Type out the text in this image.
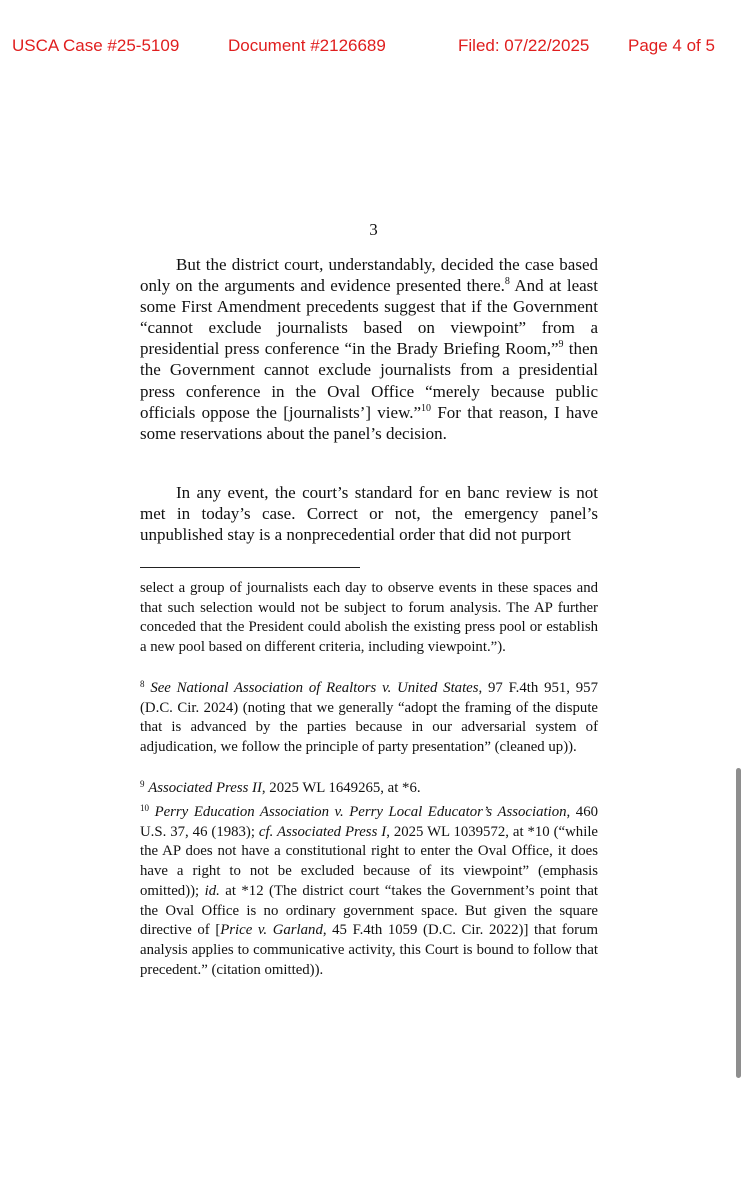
USCA Case #25-5109	Document #2126689	Filed: 07/22/2025 Page 4 of 5
3

But the district court, understandably, decided the case based only on the arguments and evidence presented there.$^8$ And at least some First Amendment precedents suggest that if the Government “cannot exclude journalists based on viewpoint” from a presidential press conference “in the Brady Briefing Room,”$^9$ then the Government cannot exclude journalists from a presidential press conference in the Oval Office “merely because public officials oppose the [journalists’] view.”$^{10}$ For that reason, I have some reservations about the panel’s decision.

In any event, the court’s standard for en banc review is not met in today’s case. Correct or not, the emergency panel’s unpublished stay is a nonprecedential order that did not purport

select a group of journalists each day to observe events in these spaces and that such selection would not be subject to forum analysis. The AP further conceded that the President could abolish the existing press pool or establish a new pool based on different criteria, including viewpoint.”).
$^8$ See National Association of Realtors v. United States, 97 F.4th 951, 957 (D.C. Cir. 2024) (noting that we generally “adopt the framing of the dispute that is advanced by the parties because in our adversarial system of adjudication, we follow the principle of party presentation” (cleaned up)).
$^9$ Associated Press II, 2025 WL 1649265, at *6.
$^{10}$ Perry Education Association v. Perry Local Educator’s Association, 460 U.S. 37, 46 (1983); cf. Associated Press I, 2025 WL 1039572, at *10 (“while the AP does not have a constitutional right to enter the Oval Office, it does have a right to not be excluded because of its viewpoint” (emphasis omitted)); id. at *12 (The district court “takes the Government’s point that the Oval Office is no ordinary government space. But given the square directive of [Price v. Garland, 45 F.4th 1059 (D.C. Cir. 2022)] that forum analysis applies to communicative activity, this Court is bound to follow that precedent.” (citation omitted)).
